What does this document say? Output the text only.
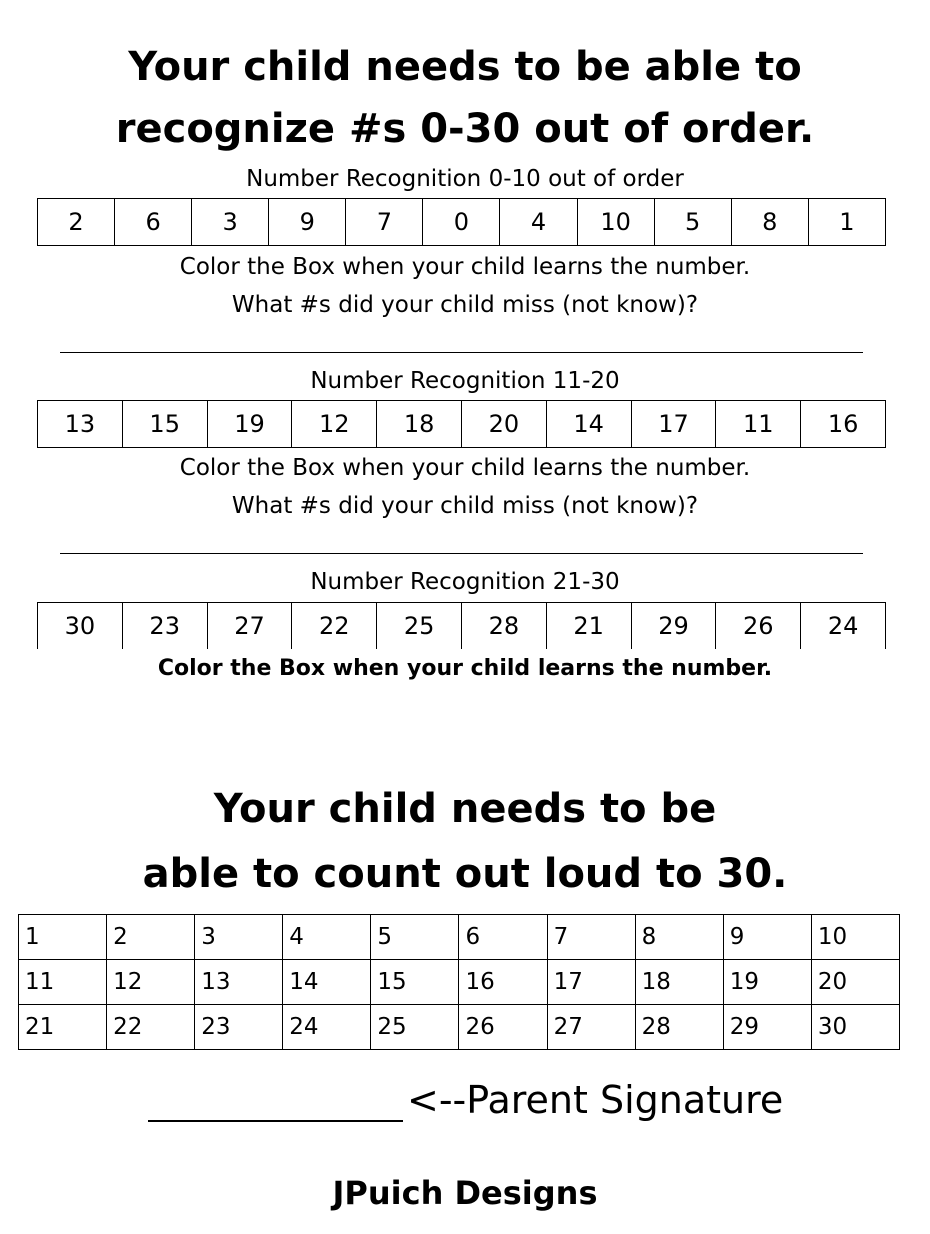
Your child needs to be able to
recognize #s 0-30 out of order.
Number Recognition 0-10 out of order
2	6	3	9	7	0	4	10	5	8	1
Color the Box when your child learns the number.
What #s did your child miss (not know)?
Number Recognition 11-20
13	15	19	12	18	20	14	17	11	16
Color the Box when your child learns the number.
What #s did your child miss (not know)?
Number Recognition 21-30
30	23	27	22	25	28	21	29	26	24
Color the Box when your child learns the number.
Your child needs to be
able to count out loud to 30.
1	2	3	4	5	6	7	8	9	10
11	12	13	14	15	16	17	18	19	20
21	22	23	24	25	26	27	28	29	30
<--Parent Signature
JPuich Designs
